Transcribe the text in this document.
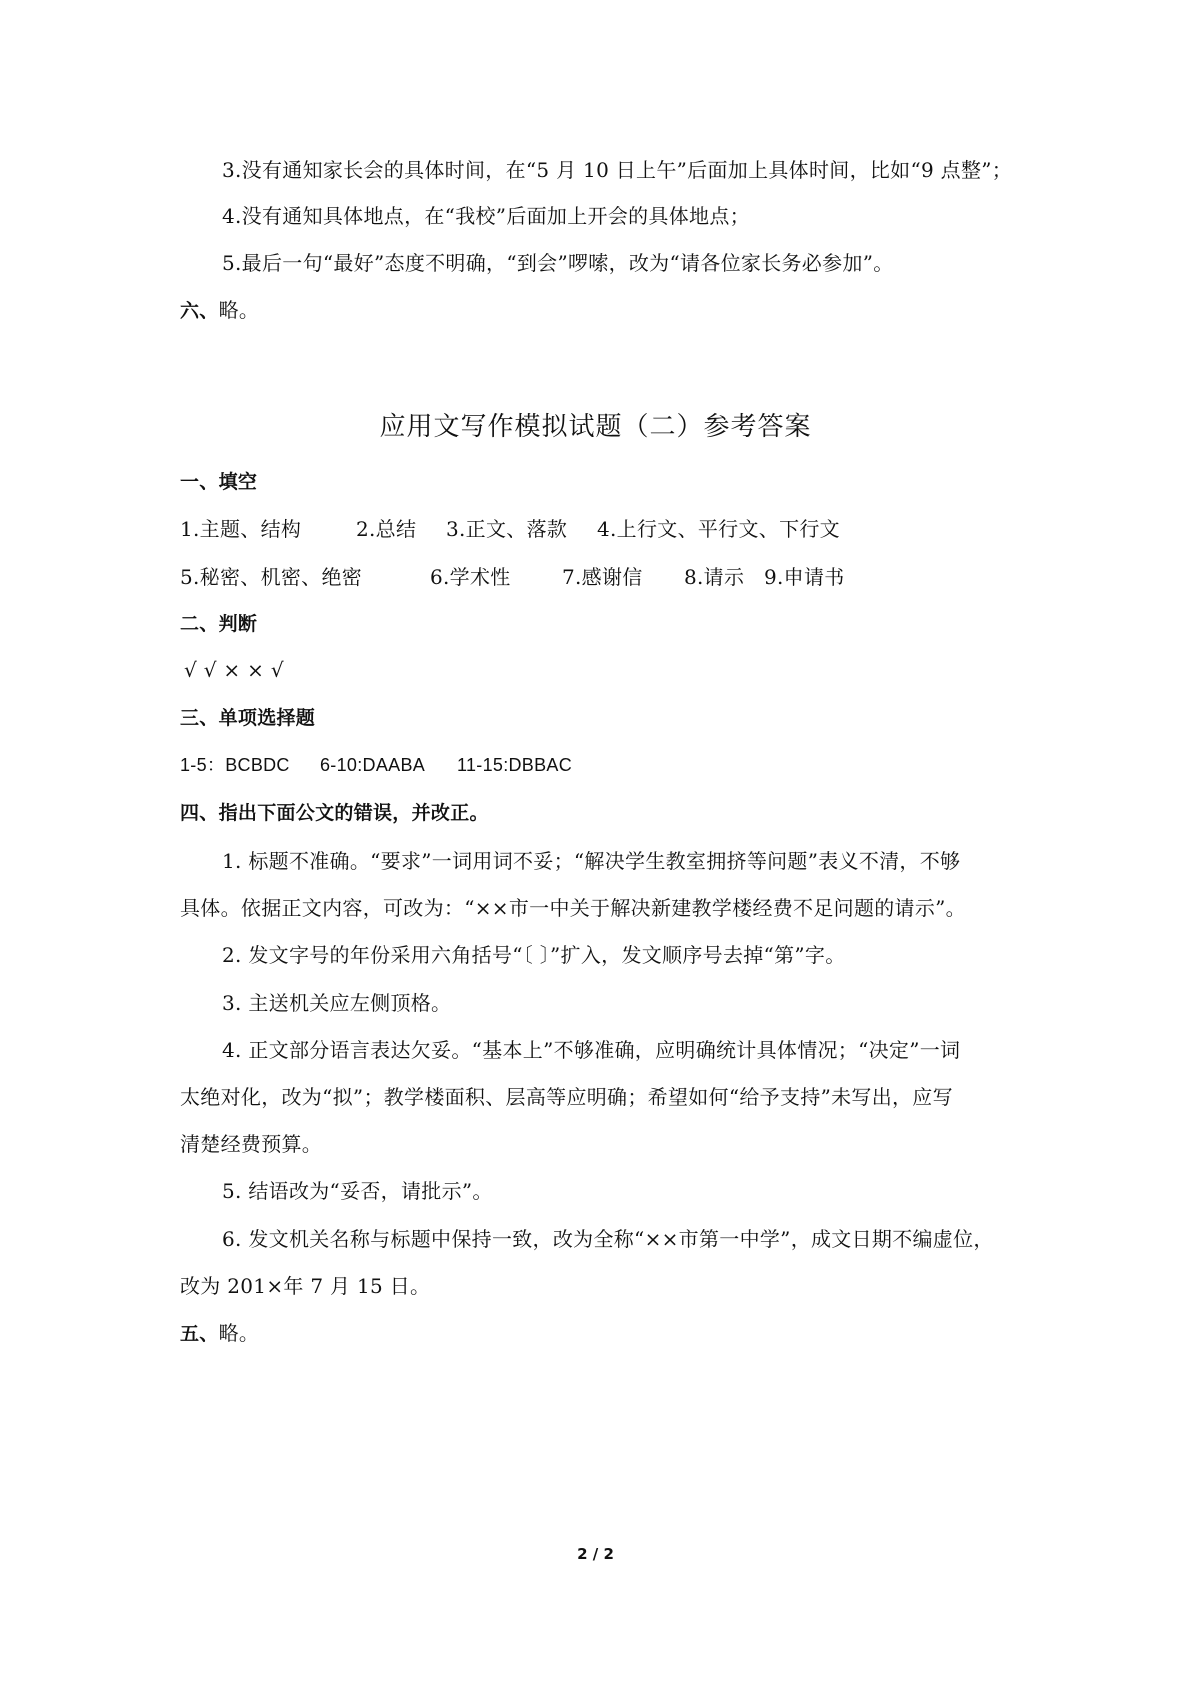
3.没有通知家长会的具体时间，在“5 月 10 日上午”后面加上具体时间，比如“9 点整”；
4.没有通知具体地点，在“我校”后面加上开会的具体地点；
5.最后一句“最好”态度不明确，“到会”啰嗦，改为“请各位家长务必参加”。
六、略。
应用文写作模拟试题（二）参考答案
一、填空
1.主题、结构	2.总结 3.正文、落款 4.上行文、平行文、下行文
5.秘密、机密、绝密	6.学术性	7.感谢信 8.请示 9.申请书
二、判断
√ √ × × √
三、单项选择题
1-5：BCBDC 6-10:DAABA 11-15:DBBAC
四、指出下面公文的错误，并改正。
1. 标题不准确。“要求”一词用词不妥；“解决学生教室拥挤等问题”表义不清，不够
具体。依据正文内容，可改为：“××市一中关于解决新建教学楼经费不足问题的请示”。
2. 发文字号的年份采用六角括号“〔 〕”扩入，发文顺序号去掉“第”字。
3. 主送机关应左侧顶格。
4. 正文部分语言表达欠妥。“基本上”不够准确，应明确统计具体情况；“决定”一词
太绝对化，改为“拟”；教学楼面积、层高等应明确；希望如何“给予支持”未写出，应写
清楚经费预算。
5. 结语改为“妥否，请批示”。
6. 发文机关名称与标题中保持一致，改为全称“××市第一中学”，成文日期不编虚位，
改为 201×年 7 月 15 日。
五、略。
2 / 2
